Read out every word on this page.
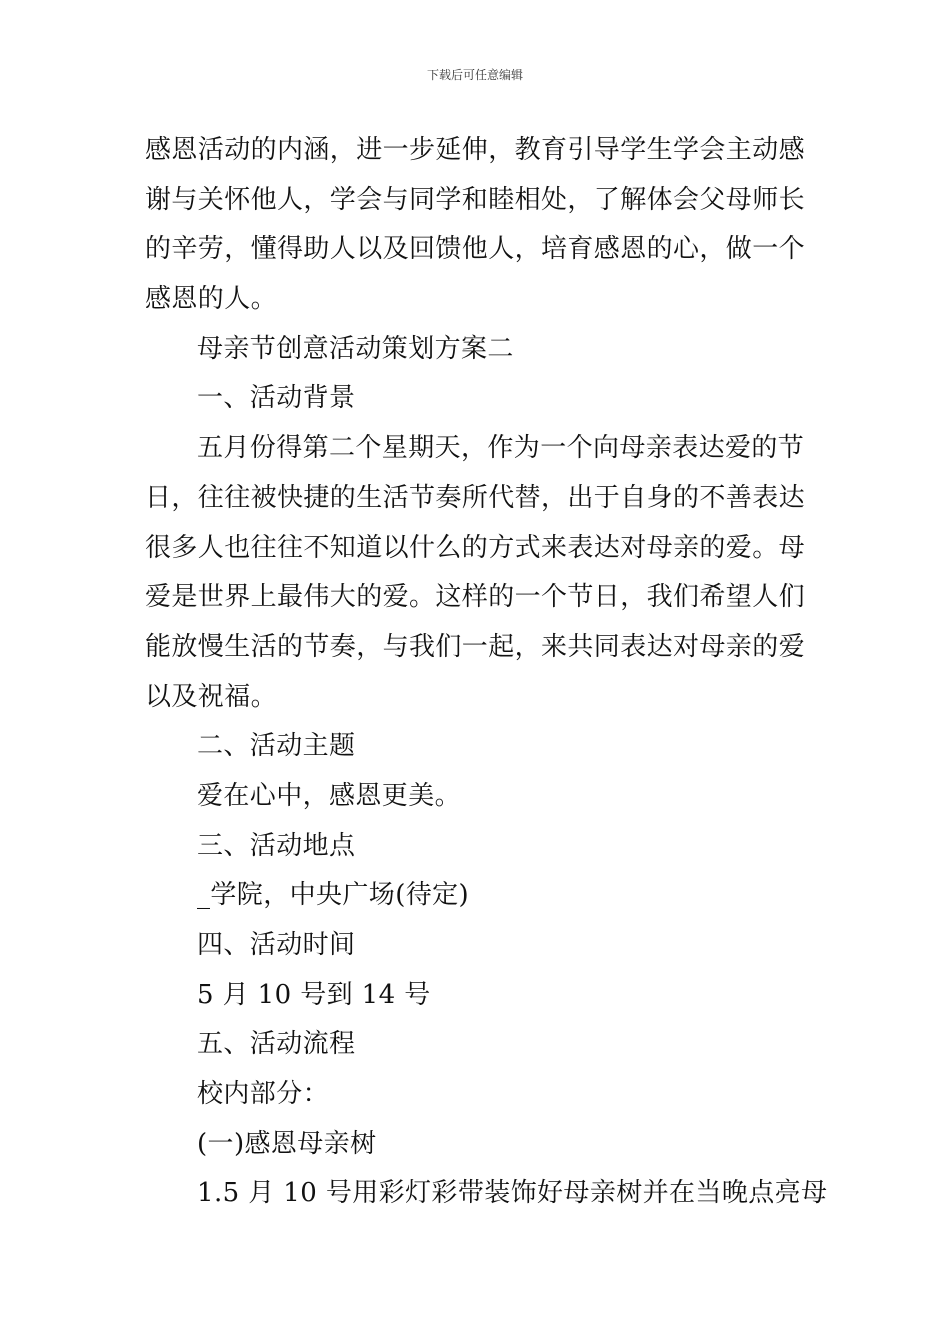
下载后可任意编辑
感恩活动的内涵，进一步延伸，教育引导学生学会主动感
谢与关怀他人，学会与同学和睦相处，了解体会父母师长
的辛劳，懂得助人以及回馈他人，培育感恩的心，做一个
感恩的人。
母亲节创意活动策划方案二
一、活动背景
五月份得第二个星期天，作为一个向母亲表达爱的节
日，往往被快捷的生活节奏所代替，出于自身的不善表达
很多人也往往不知道以什么的方式来表达对母亲的爱。母
爱是世界上最伟大的爱。这样的一个节日，我们希望人们
能放慢生活的节奏，与我们一起，来共同表达对母亲的爱
以及祝福。
二、活动主题
爱在心中，感恩更美。
三、活动地点
_学院，中央广场(待定)
四、活动时间
5 月 10 号到 14 号
五、活动流程
校内部分：
(一)感恩母亲树
1.5 月 10 号用彩灯彩带装饰好母亲树并在当晚点亮母
